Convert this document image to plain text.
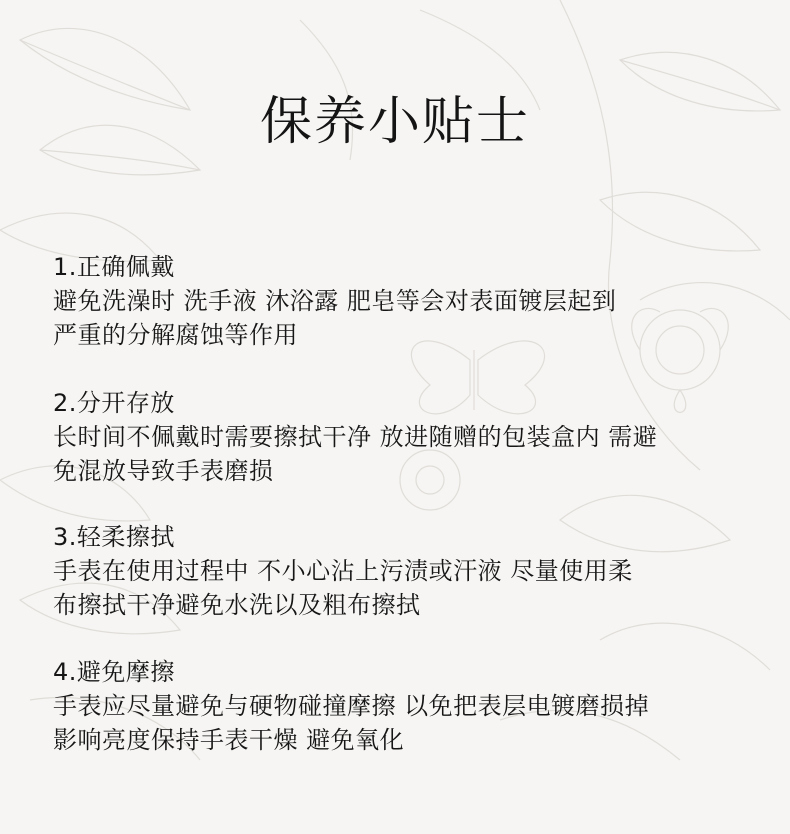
保养小贴士
1.正确佩戴
避免洗澡时 洗手液 沐浴露 肥皂等会对表面镀层起到
严重的分解腐蚀等作用
2.分开存放
长时间不佩戴时需要擦拭干净 放进随赠的包装盒内 需避
免混放导致手表磨损
3.轻柔擦拭
手表在使用过程中 不小心沾上污渍或汗液 尽量使用柔
布擦拭干净避免水洗以及粗布擦拭
4.避免摩擦
手表应尽量避免与硬物碰撞摩擦 以免把表层电镀磨损掉
影响亮度保持手表干燥 避免氧化
